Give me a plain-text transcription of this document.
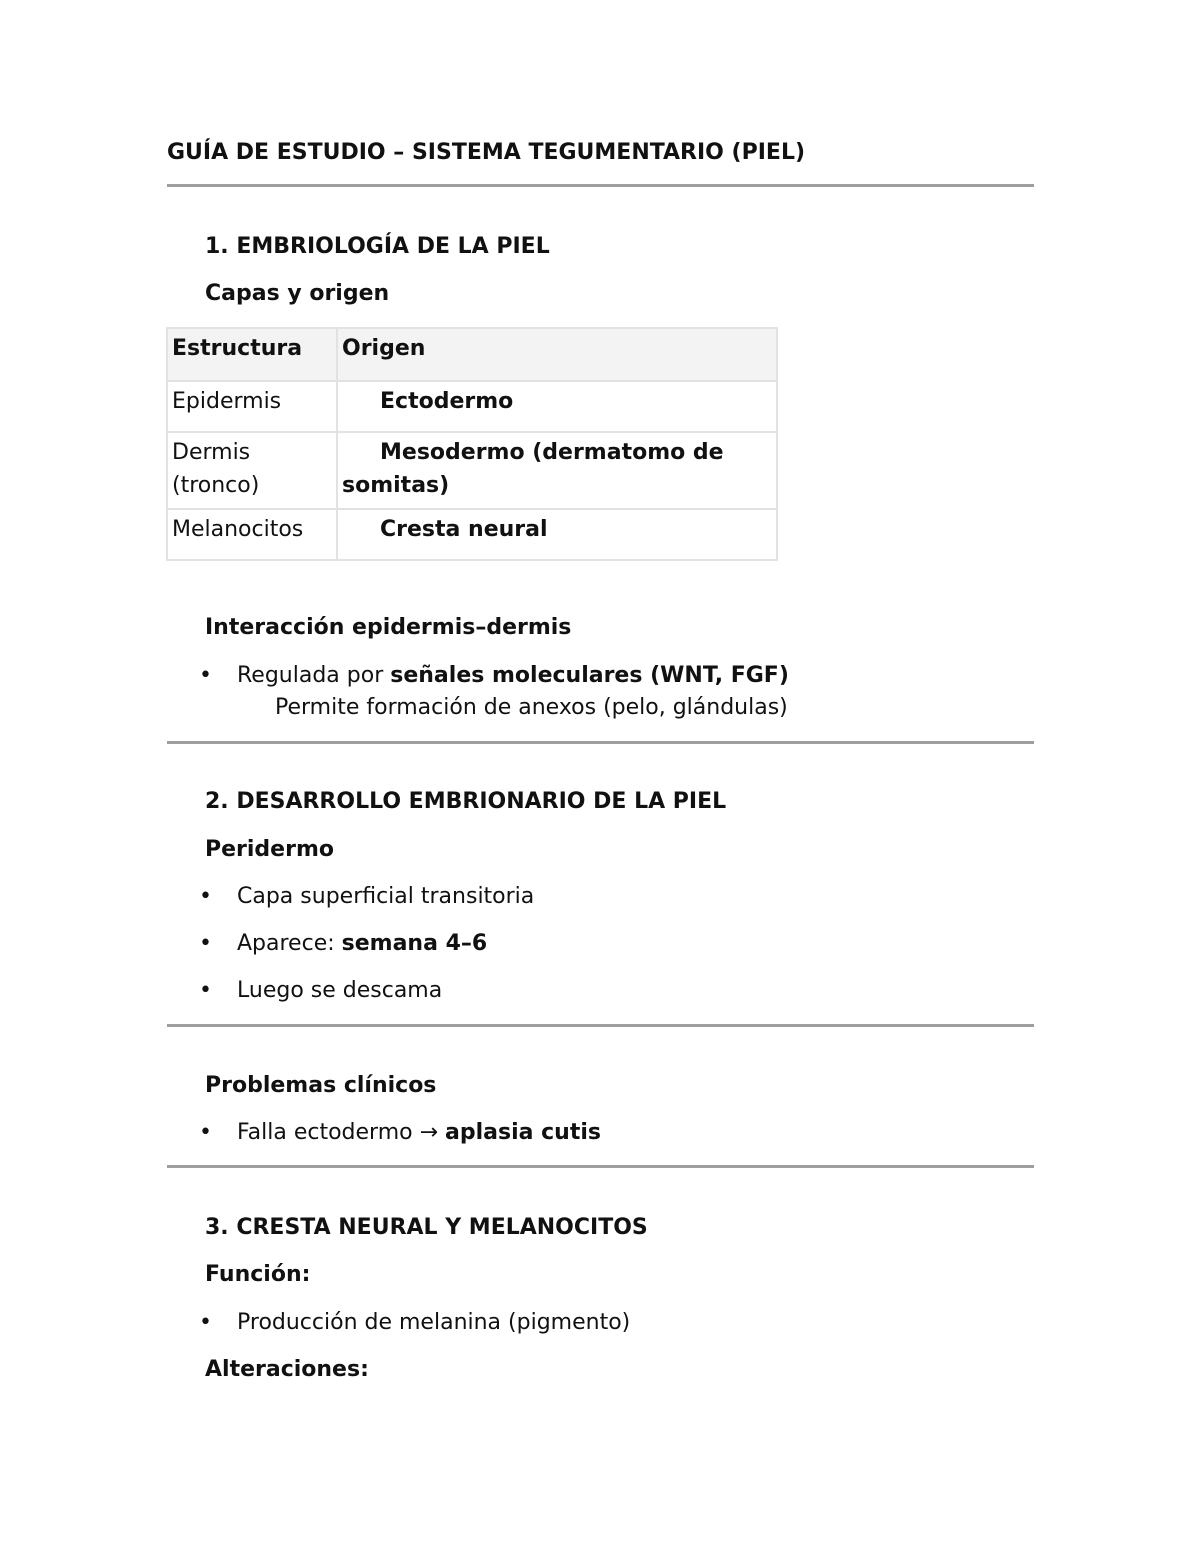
GUÍA DE ESTUDIO – SISTEMA TEGUMENTARIO (PIEL)
1. EMBRIOLOGÍA DE LA PIEL
Capas y origen
Estructura	Origen
Epidermis	Ectodermo
Dermis
(tronco)	Mesodermo (dermatomo de
somitas)
Melanocitos	Cresta neural
Interacción epidermis–dermis
• Regulada por señales moleculares (WNT, FGF)
Permite formación de anexos (pelo, glándulas)
2. DESARROLLO EMBRIONARIO DE LA PIEL
Peridermo
• Capa superficial transitoria
• Aparece: semana 4–6
• Luego se descama
Problemas clínicos
• Falla ectodermo → aplasia cutis
3. CRESTA NEURAL Y MELANOCITOS
Función:
• Producción de melanina (pigmento)
Alteraciones:
